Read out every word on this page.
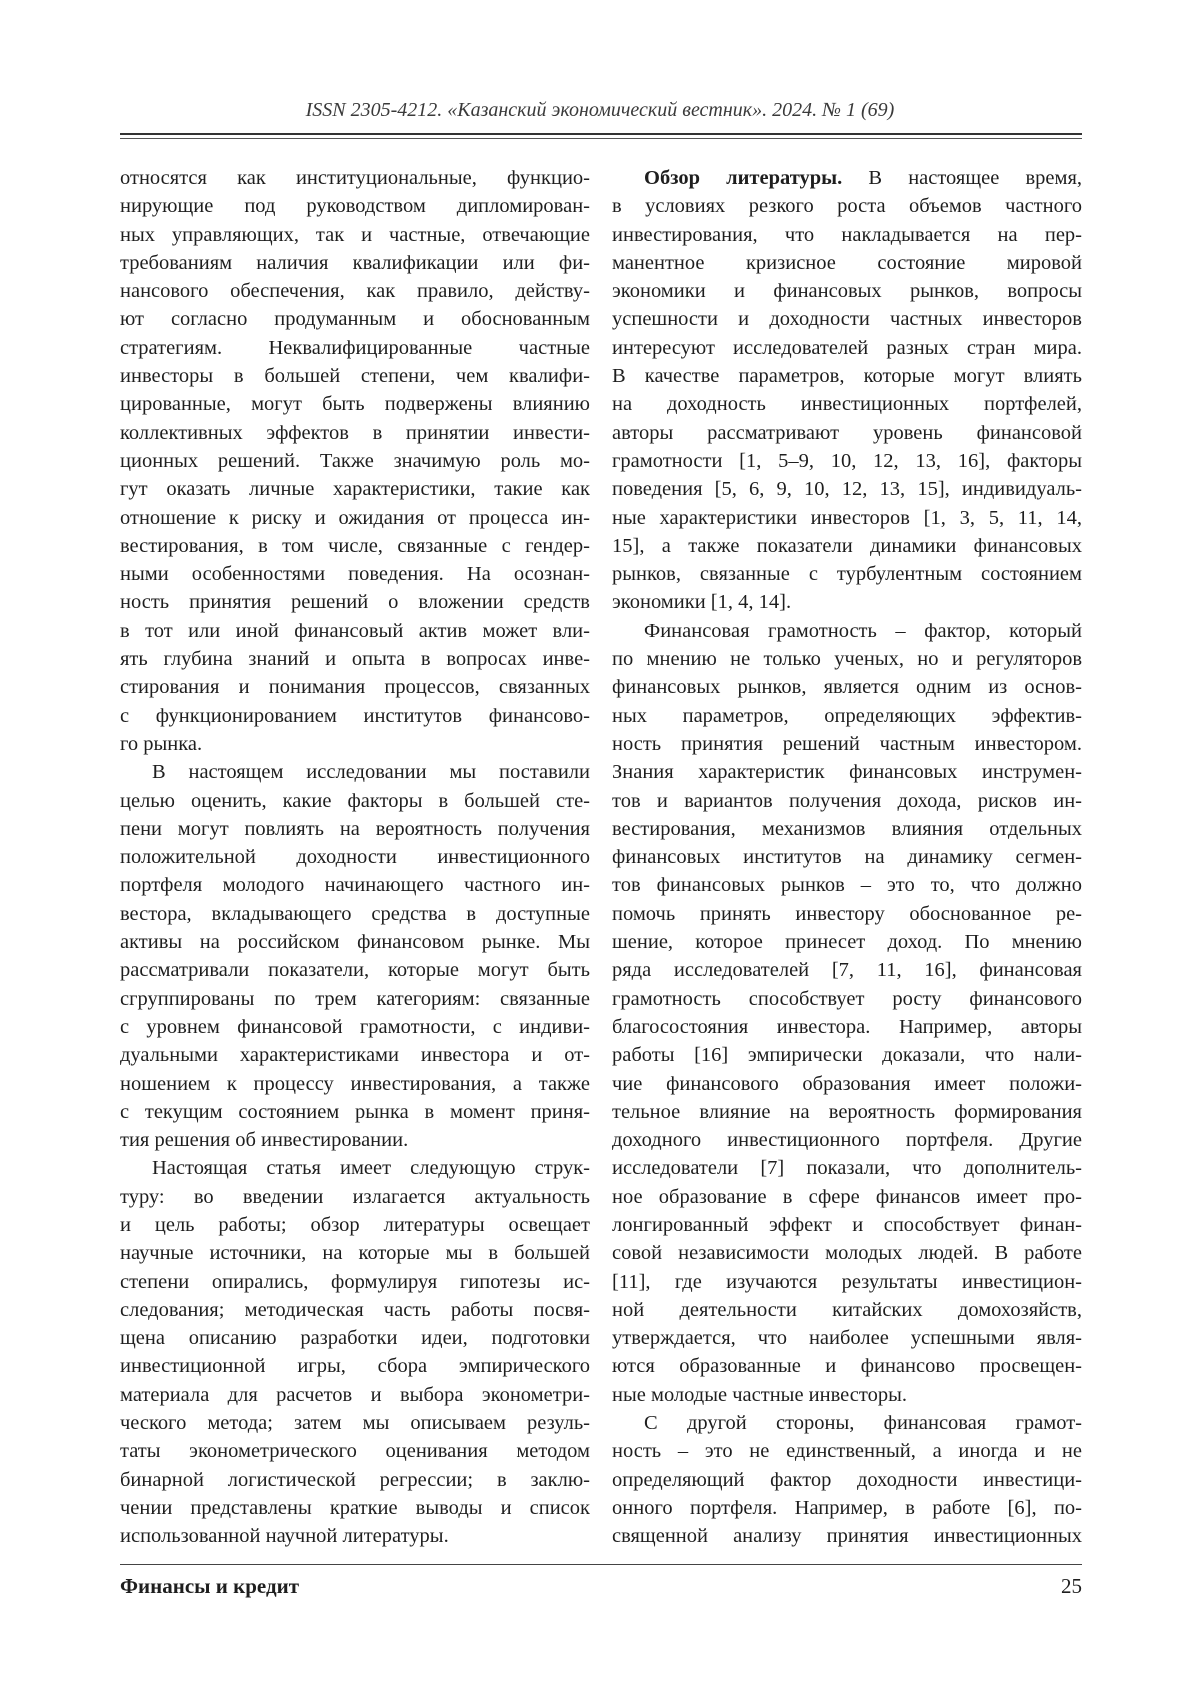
ISSN 2305-4212. «Казанский экономический вестник». 2024. № 1 (69)
относятся как институциональные, функцио-
нирующие под руководством дипломирован-
ных управляющих, так и частные, отвечающие
требованиям наличия квалификации или фи-
нансового обеспечения, как правило, действу-
ют согласно продуманным и обоснованным
стратегиям. Неквалифицированные частные
инвесторы в большей степени, чем квалифи-
цированные, могут быть подвержены влиянию
коллективных эффектов в принятии инвести-
ционных решений. Также значимую роль мо-
гут оказать личные характеристики, такие как
отношение к риску и ожидания от процесса ин-
вестирования, в том числе, связанные с гендер-
ными особенностями поведения. На осознан-
ность принятия решений о вложении средств
в тот или иной финансовый актив может вли-
ять глубина знаний и опыта в вопросах инве-
стирования и понимания процессов, связанных
с функционированием институтов финансово-
го рынка.
В настоящем исследовании мы поставили
целью оценить, какие факторы в большей сте-
пени могут повлиять на вероятность получения
положительной доходности инвестиционного
портфеля молодого начинающего частного ин-
вестора, вкладывающего средства в доступные
активы на российском финансовом рынке. Мы
рассматривали показатели, которые могут быть
сгруппированы по трем категориям: связанные
с уровнем финансовой грамотности, с индиви-
дуальными характеристиками инвестора и от-
ношением к процессу инвестирования, а также
с текущим состоянием рынка в момент приня-
тия решения об инвестировании.
Настоящая статья имеет следующую струк-
туру: во введении излагается актуальность
и цель работы; обзор литературы освещает
научные источники, на которые мы в большей
степени опирались, формулируя гипотезы ис-
следования; методическая часть работы посвя-
щена описанию разработки идеи, подготовки
инвестиционной игры, сбора эмпирического
материала для расчетов и выбора эконометри-
ческого метода; затем мы описываем резуль-
таты эконометрического оценивания методом
бинарной логистической регрессии; в заклю-
чении представлены краткие выводы и список
использованной научной литературы.
Обзор литературы. В настоящее время,
в условиях резкого роста объемов частного
инвестирования, что накладывается на пер-
манентное кризисное состояние мировой
экономики и финансовых рынков, вопросы
успешности и доходности частных инвесторов
интересуют исследователей разных стран мира.
В качестве параметров, которые могут влиять
на доходность инвестиционных портфелей,
авторы рассматривают уровень финансовой
грамотности [1, 5–9, 10, 12, 13, 16], факторы
поведения [5, 6, 9, 10, 12, 13, 15], индивидуаль-
ные характеристики инвесторов [1, 3, 5, 11, 14,
15], а также показатели динамики финансовых
рынков, связанные с турбулентным состоянием
экономики [1, 4, 14].
Финансовая грамотность – фактор, который
по мнению не только ученых, но и регуляторов
финансовых рынков, является одним из основ-
ных параметров, определяющих эффектив-
ность принятия решений частным инвестором.
Знания характеристик финансовых инструмен-
тов и вариантов получения дохода, рисков ин-
вестирования, механизмов влияния отдельных
финансовых институтов на динамику сегмен-
тов финансовых рынков – это то, что должно
помочь принять инвестору обоснованное ре-
шение, которое принесет доход. По мнению
ряда исследователей [7, 11, 16], финансовая
грамотность способствует росту финансового
благосостояния инвестора. Например, авторы
работы [16] эмпирически доказали, что нали-
чие финансового образования имеет положи-
тельное влияние на вероятность формирования
доходного инвестиционного портфеля. Другие
исследователи [7] показали, что дополнитель-
ное образование в сфере финансов имеет про-
лонгированный эффект и способствует финан-
совой независимости молодых людей. В работе
[11], где изучаются результаты инвестицион-
ной деятельности китайских домохозяйств,
утверждается, что наиболее успешными явля-
ются образованные и финансово просвещен-
ные молодые частные инвесторы.
С другой стороны, финансовая грамот-
ность – это не единственный, а иногда и не
определяющий фактор доходности инвестици-
онного портфеля. Например, в работе [6], по-
священной анализу принятия инвестиционных
Финансы и кредит	25
